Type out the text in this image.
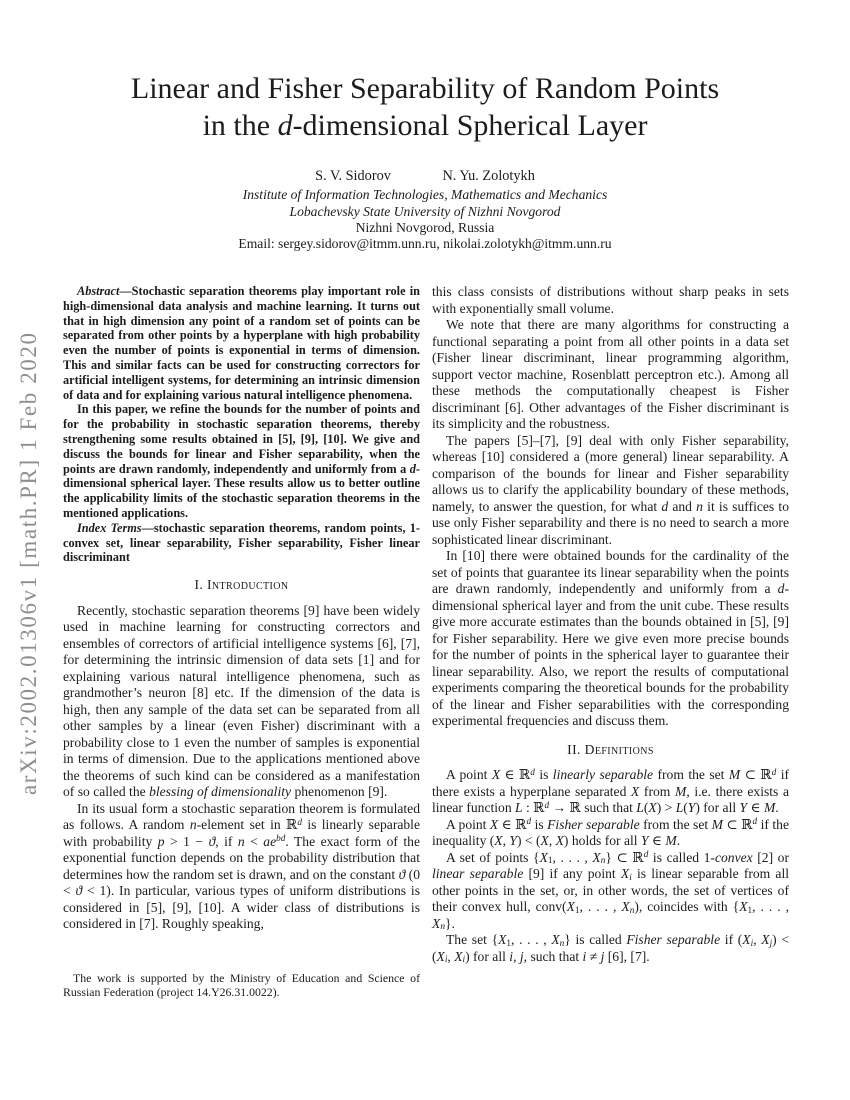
arXiv:2002.01306v1 [math.PR] 1 Feb 2020
Linear and Fisher Separability of Random Points
in the d-dimensional Spherical Layer
S. V. Sidorov	N. Yu. Zolotykh
Institute of Information Technologies, Mathematics and Mechanics
Lobachevsky State University of Nizhni Novgorod
Nizhni Novgorod, Russia
Email: sergey.sidorov@itmm.unn.ru, nikolai.zolotykh@itmm.unn.ru

Abstract—Stochastic separation theorems play important role in high-dimensional data analysis and machine learning. It turns out that in high dimension any point of a random set of points can be separated from other points by a hyperplane with high probability even the number of points is exponential in terms of dimension. This and similar facts can be used for constructing correctors for artificial intelligent systems, for determining an intrinsic dimension of data and for explaining various natural intelligence phenomena.

In this paper, we refine the bounds for the number of points and for the probability in stochastic separation theorems, thereby strengthening some results obtained in [5], [9], [10]. We give and discuss the bounds for linear and Fisher separability, when the points are drawn randomly, independently and uniformly from a d-dimensional spherical layer. These results allow us to better outline the applicability limits of the stochastic separation theorems in the mentioned applications.

Index Terms—stochastic separation theorems, random points, 1-convex set, linear separability, Fisher separability, Fisher linear discriminant

I. Introduction

Recently, stochastic separation theorems [9] have been widely used in machine learning for constructing correctors and ensembles of correctors of artificial intelligence systems [6], [7], for determining the intrinsic dimension of data sets [1] and for explaining various natural intelligence phenomena, such as grandmother’s neuron [8] etc. If the dimension of the data is high, then any sample of the data set can be separated from all other samples by a linear (even Fisher) discriminant with a probability close to 1 even the number of samples is exponential in terms of dimension. Due to the applications mentioned above the theorems of such kind can be considered as a manifestation of so called the blessing of dimensionality phenomenon [9].

In its usual form a stochastic separation theorem is formulated as follows. A random n-element set in ℝ$^d$ is linearly separable with probability p > 1 − ϑ, if $n < ae^{bd}$. The exact form of the exponential function depends on the probability distribution that determines how the random set is drawn, and on the constant ϑ (0 < ϑ < 1). In particular, various types of uniform distributions is considered in [5], [9], [10]. A wider class of distributions is considered in [7]. Roughly speaking,

this class consists of distributions without sharp peaks in sets with exponentially small volume.

We note that there are many algorithms for constructing a functional separating a point from all other points in a data set (Fisher linear discriminant, linear programming algorithm, support vector machine, Rosenblatt perceptron etc.). Among all these methods the computationally cheapest is Fisher discriminant [6]. Other advantages of the Fisher discriminant is its simplicity and the robustness.

The papers [5]–[7], [9] deal with only Fisher separability, whereas [10] considered a (more general) linear separability. A comparison of the bounds for linear and Fisher separability allows us to clarify the applicability boundary of these methods, namely, to answer the question, for what d and n it is suffices to use only Fisher separability and there is no need to search a more sophisticated linear discriminant.

In [10] there were obtained bounds for the cardinality of the set of points that guarantee its linear separability when the points are drawn randomly, independently and uniformly from a d-dimensional spherical layer and from the unit cube. These results give more accurate estimates than the bounds obtained in [5], [9] for Fisher separability. Here we give even more precise bounds for the number of points in the spherical layer to guarantee their linear separability. Also, we report the results of computational experiments comparing the theoretical bounds for the probability of the linear and Fisher separabilities with the corresponding experimental frequencies and discuss them.

II. Definitions

A point X ∈ ℝ$^d$ is linearly separable from the set M ⊂ ℝ$^d$ if there exists a hyperplane separated X from M, i.e. there exists a linear function L : ℝ$^d$ → ℝ such that L(X) > L(Y) for all Y ∈ M.

A point X ∈ ℝ$^d$ is Fisher separable from the set M ⊂ ℝ$^d$ if the inequality (X, Y) < (X, X) holds for all Y ∈ M.

A set of points {$X_1$, . . . , $X_n$} ⊂ ℝ$^d$ is called 1-convex [2] or linear separable [9] if any point $X_i$ is linear separable from all other points in the set, or, in other words, the set of vertices of their convex hull, $conv(X_1$, . . . , $X_n$), coincides with {$X_1$, . . . , $X_n$}.

The set {$X_1$, . . . , $X_n$} is called Fisher separable if ($X_i$, $X_j) < (X_i$, $X_i$) for all i, j, such that i ≠ j [6], [7].

The work is supported by the Ministry of Education and Science of Russian Federation (project 14.Y26.31.0022).
